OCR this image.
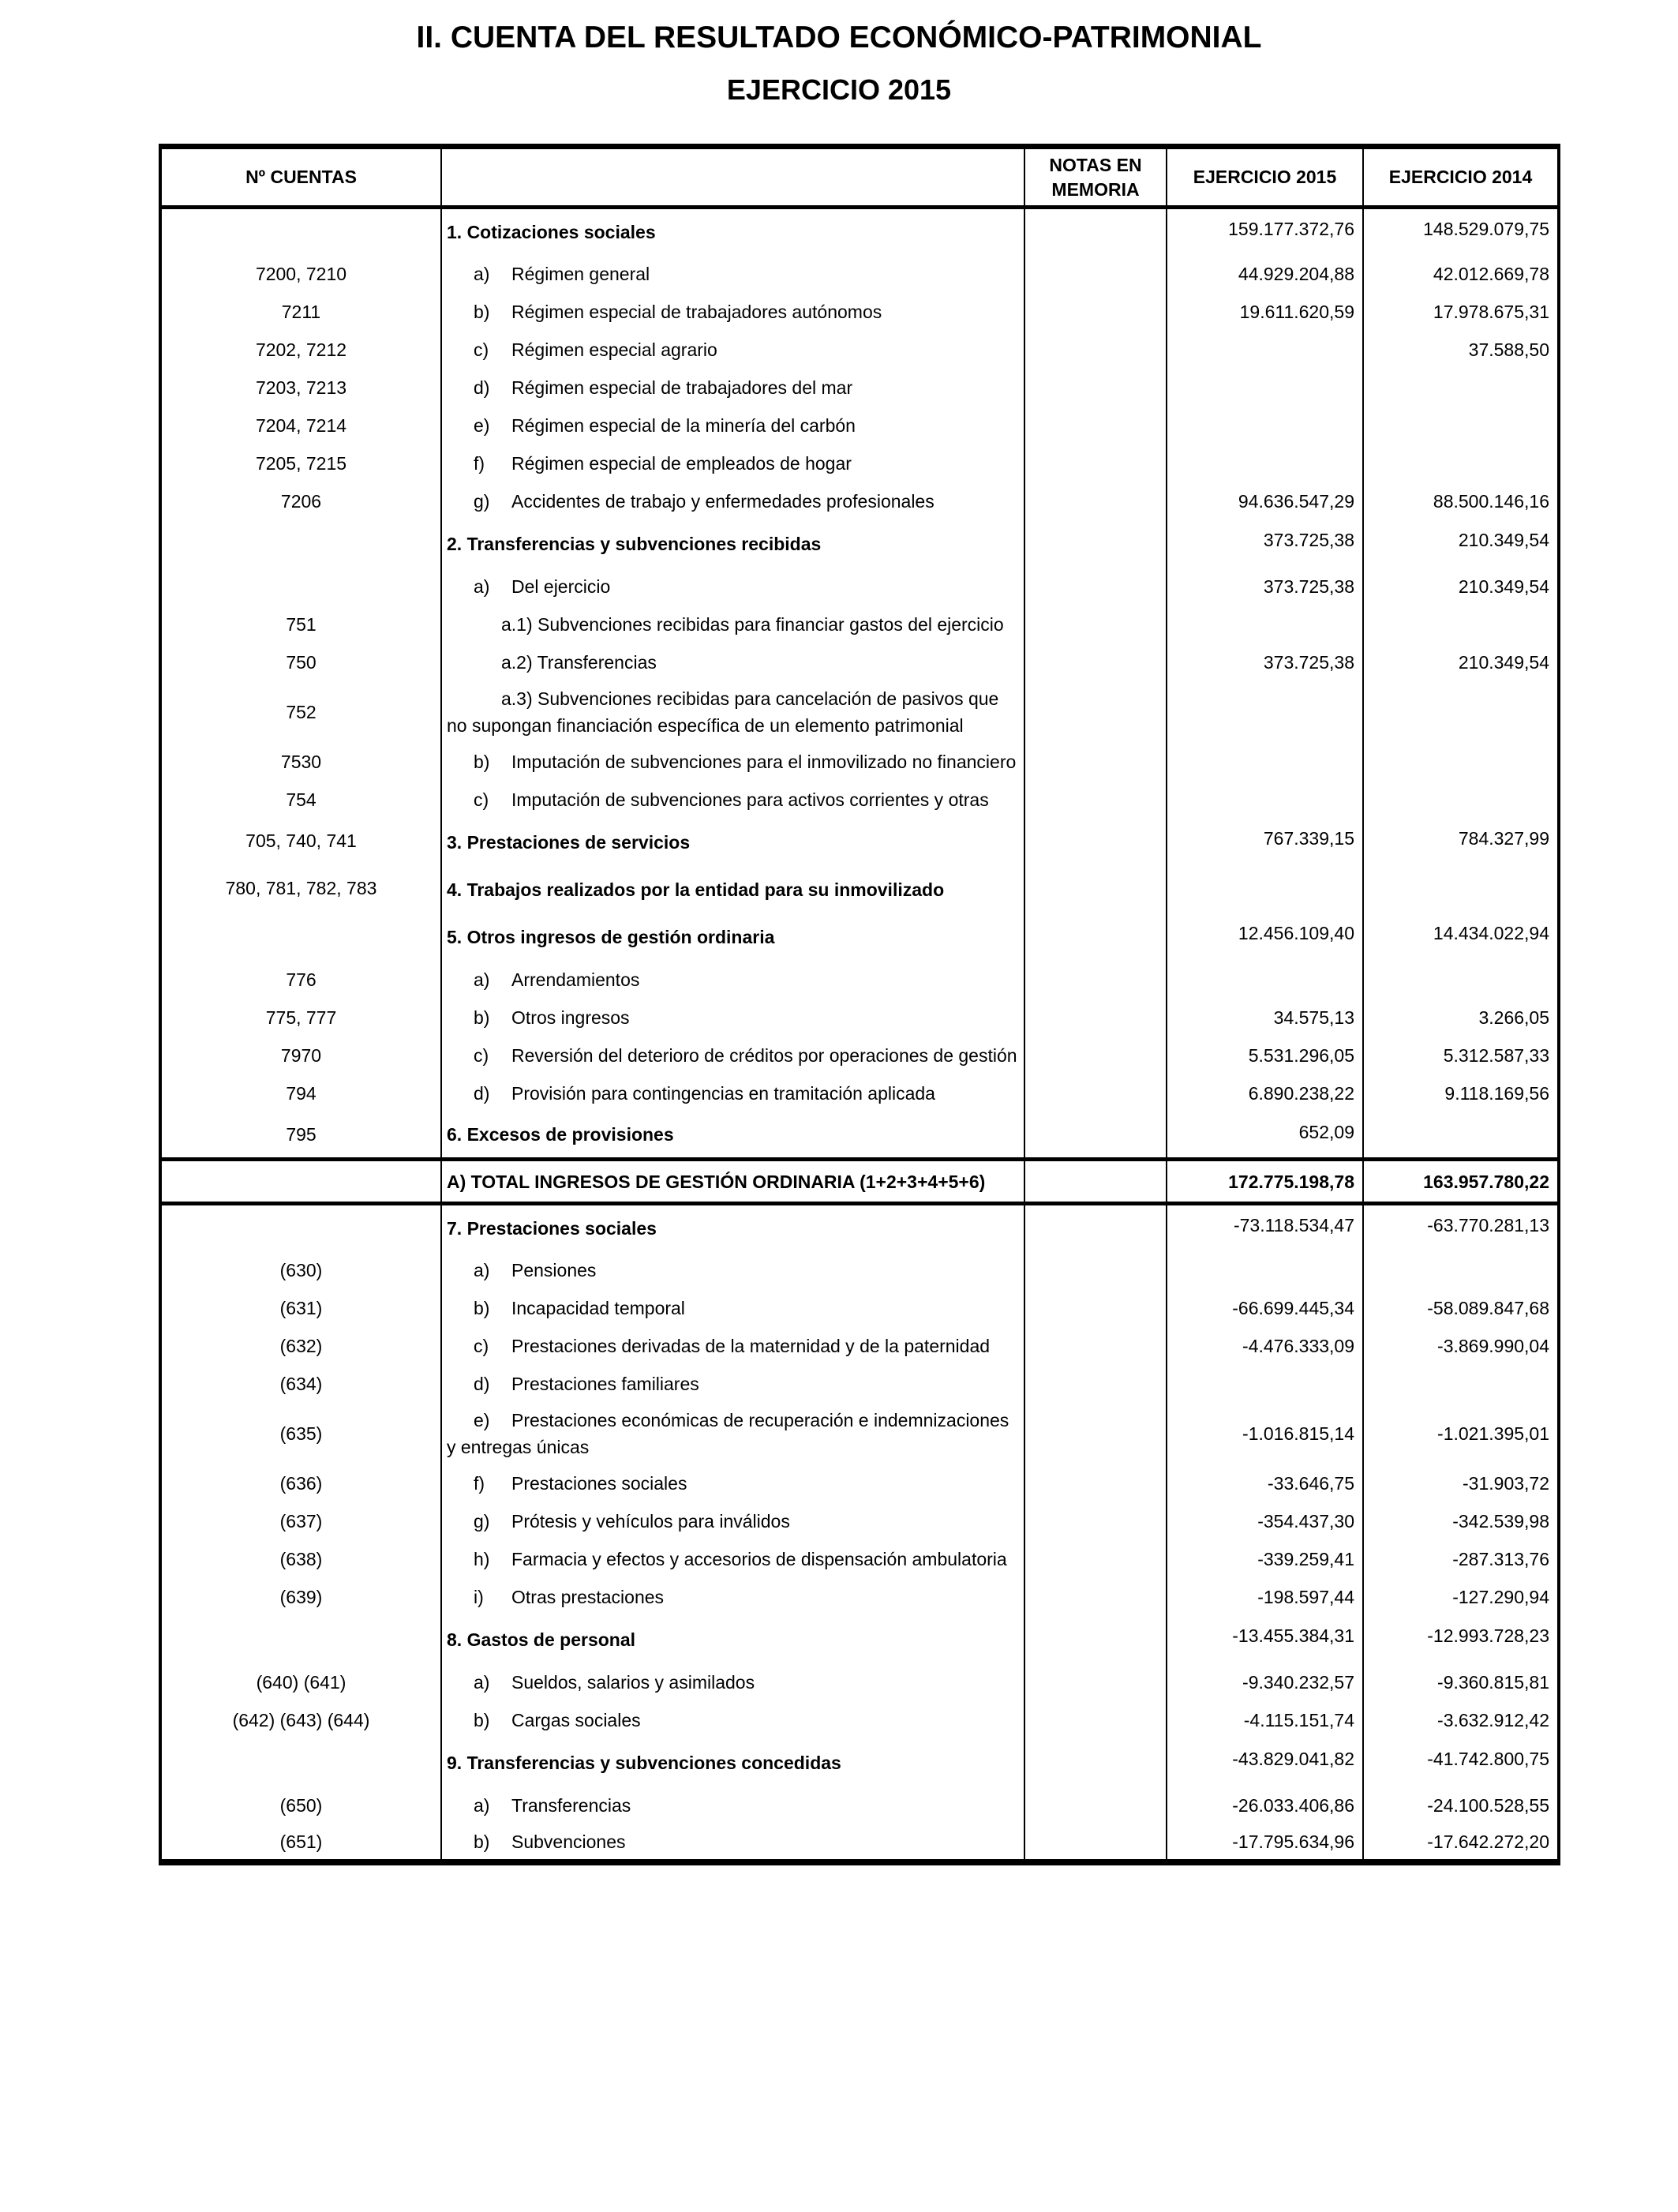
II. CUENTA DEL RESULTADO ECONÓMICO-PATRIMONIAL
EJERCICIO 2015
Nº CUENTAS		NOTAS EN MEMORIA	EJERCICIO 2015	EJERCICIO 2014

	1. Cotizaciones sociales		159.177.372,76	148.529.079,75
7200, 7210	a) Régimen general		44.929.204,88	42.012.669,78
7211	b) Régimen especial de trabajadores autónomos		19.611.620,59	17.978.675,31
7202, 7212	c) Régimen especial agrario			37.588,50
7203, 7213	d) Régimen especial de trabajadores del mar			

7204, 7214	e) Régimen especial de la minería del carbón			

7205, 7215	f) Régimen especial de empleados de hogar			

7206	g) Accidentes de trabajo y enfermedades profesionales		94.636.547,29	88.500.146,16

	2. Transferencias y subvenciones recibidas		373.725,38	210.349,54

	a) Del ejercicio		373.725,38	210.349,54
751	a.1) Subvenciones recibidas para financiar gastos del ejercicio			

750	a.2) Transferencias		373.725,38	210.349,54
752	a.3) Subvenciones recibidas para cancelación de pasivos que
no supongan financiación específica de un elemento patrimonial			

7530	b) Imputación de subvenciones para el inmovilizado no financiero			

754	c) Imputación de subvenciones para activos corrientes y otras			

705, 740, 741	3. Prestaciones de servicios		767.339,15	784.327,99
780, 781, 782, 783	4. Trabajos realizados por la entidad para su inmovilizado			

	5. Otros ingresos de gestión ordinaria		12.456.109,40	14.434.022,94
776	a) Arrendamientos			

775, 777	b) Otros ingresos		34.575,13	3.266,05
7970	c) Reversión del deterioro de créditos por operaciones de gestión		5.531.296,05	5.312.587,33
794	d) Provisión para contingencias en tramitación aplicada		6.890.238,22	9.118.169,56
795	6. Excesos de provisiones		652,09	

	A) TOTAL INGRESOS DE GESTIÓN ORDINARIA (1+2+3+4+5+6)		172.775.198,78	163.957.780,22

	7. Prestaciones sociales		-73.118.534,47	-63.770.281,13
(630)	a) Pensiones			

(631)	b) Incapacidad temporal		-66.699.445,34	-58.089.847,68
(632)	c) Prestaciones derivadas de la maternidad y de la paternidad		-4.476.333,09	-3.869.990,04
(634)	d) Prestaciones familiares			

(635)	e) Prestaciones económicas de recuperación e indemnizaciones
y entregas únicas		-1.016.815,14	-1.021.395,01
(636)	f) Prestaciones sociales		-33.646,75	-31.903,72
(637)	g) Prótesis y vehículos para inválidos		-354.437,30	-342.539,98
(638)	h) Farmacia y efectos y accesorios de dispensación ambulatoria		-339.259,41	-287.313,76
(639)	i) Otras prestaciones		-198.597,44	-127.290,94

	8. Gastos de personal		-13.455.384,31	-12.993.728,23
(640) (641)	a) Sueldos, salarios y asimilados		-9.340.232,57	-9.360.815,81
(642) (643) (644)	b) Cargas sociales		-4.115.151,74	-3.632.912,42

	9. Transferencias y subvenciones concedidas		-43.829.041,82	-41.742.800,75
(650)	a) Transferencias		-26.033.406,86	-24.100.528,55
(651)	b) Subvenciones		-17.795.634,96	-17.642.272,20
